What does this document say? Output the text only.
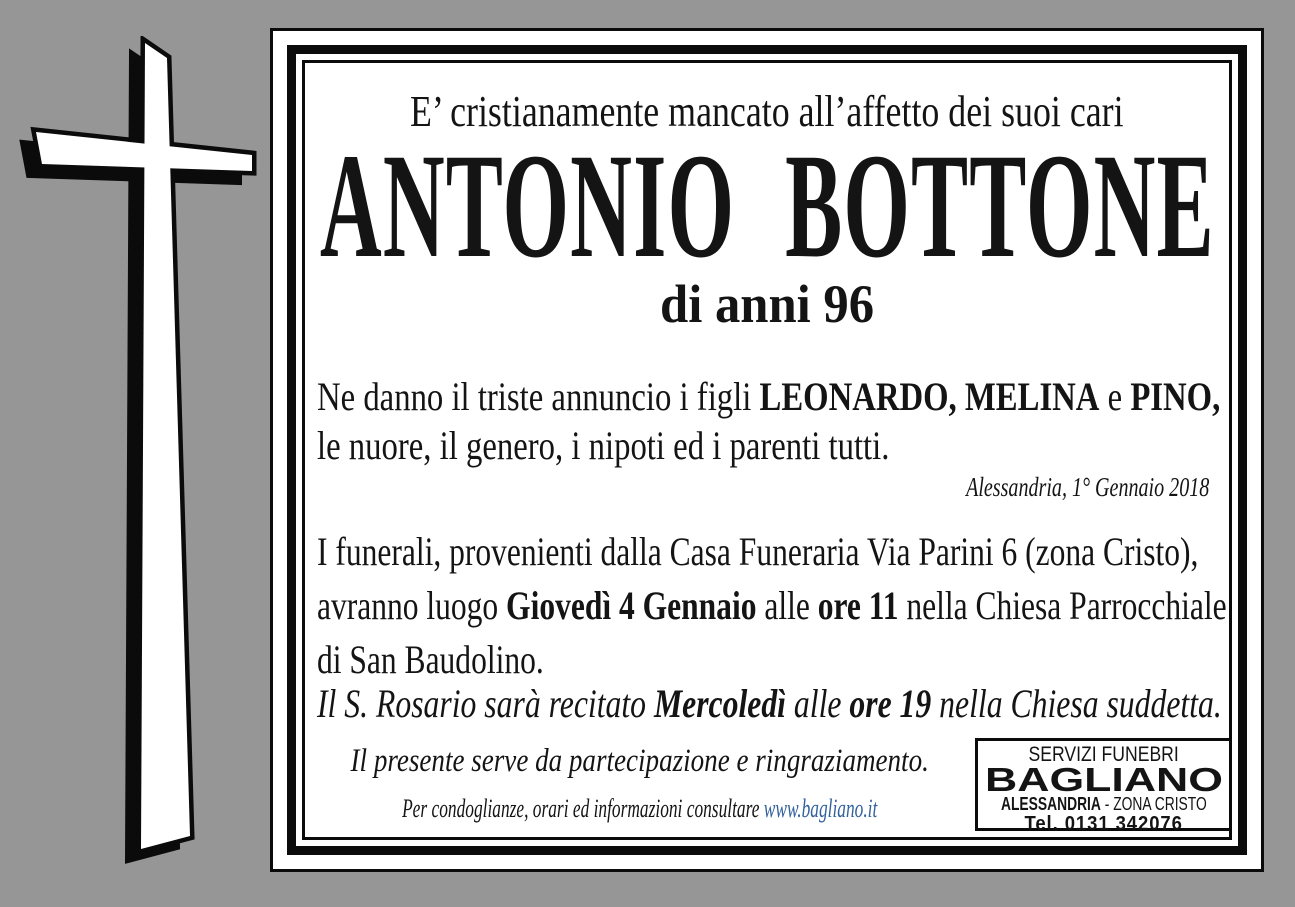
E’ cristianamente mancato all’affetto dei suoi cari
ANTONIO BOTTONE
di anni 96
Ne danno il triste annuncio i figli LEONARDO, MELINA e PINO,
le nuore, il genero, i nipoti ed i parenti tutti.
Alessandria, 1° Gennaio 2018
I funerali, provenienti dalla Casa Funeraria Via Parini 6 (zona Cristo),
avranno luogo Giovedì 4 Gennaio alle ore 11 nella Chiesa Parrocchiale
di San Baudolino.
Il S. Rosario sarà recitato Mercoledì alle ore 19 nella Chiesa suddetta.
Il presente serve da partecipazione e ringraziamento.
Per condoglianze, orari ed informazioni consultare www.bagliano.it
SERVIZI FUNEBRI
BAGLIANO
ALESSANDRIA - ZONA CRISTO
Tel. 0131 342076
